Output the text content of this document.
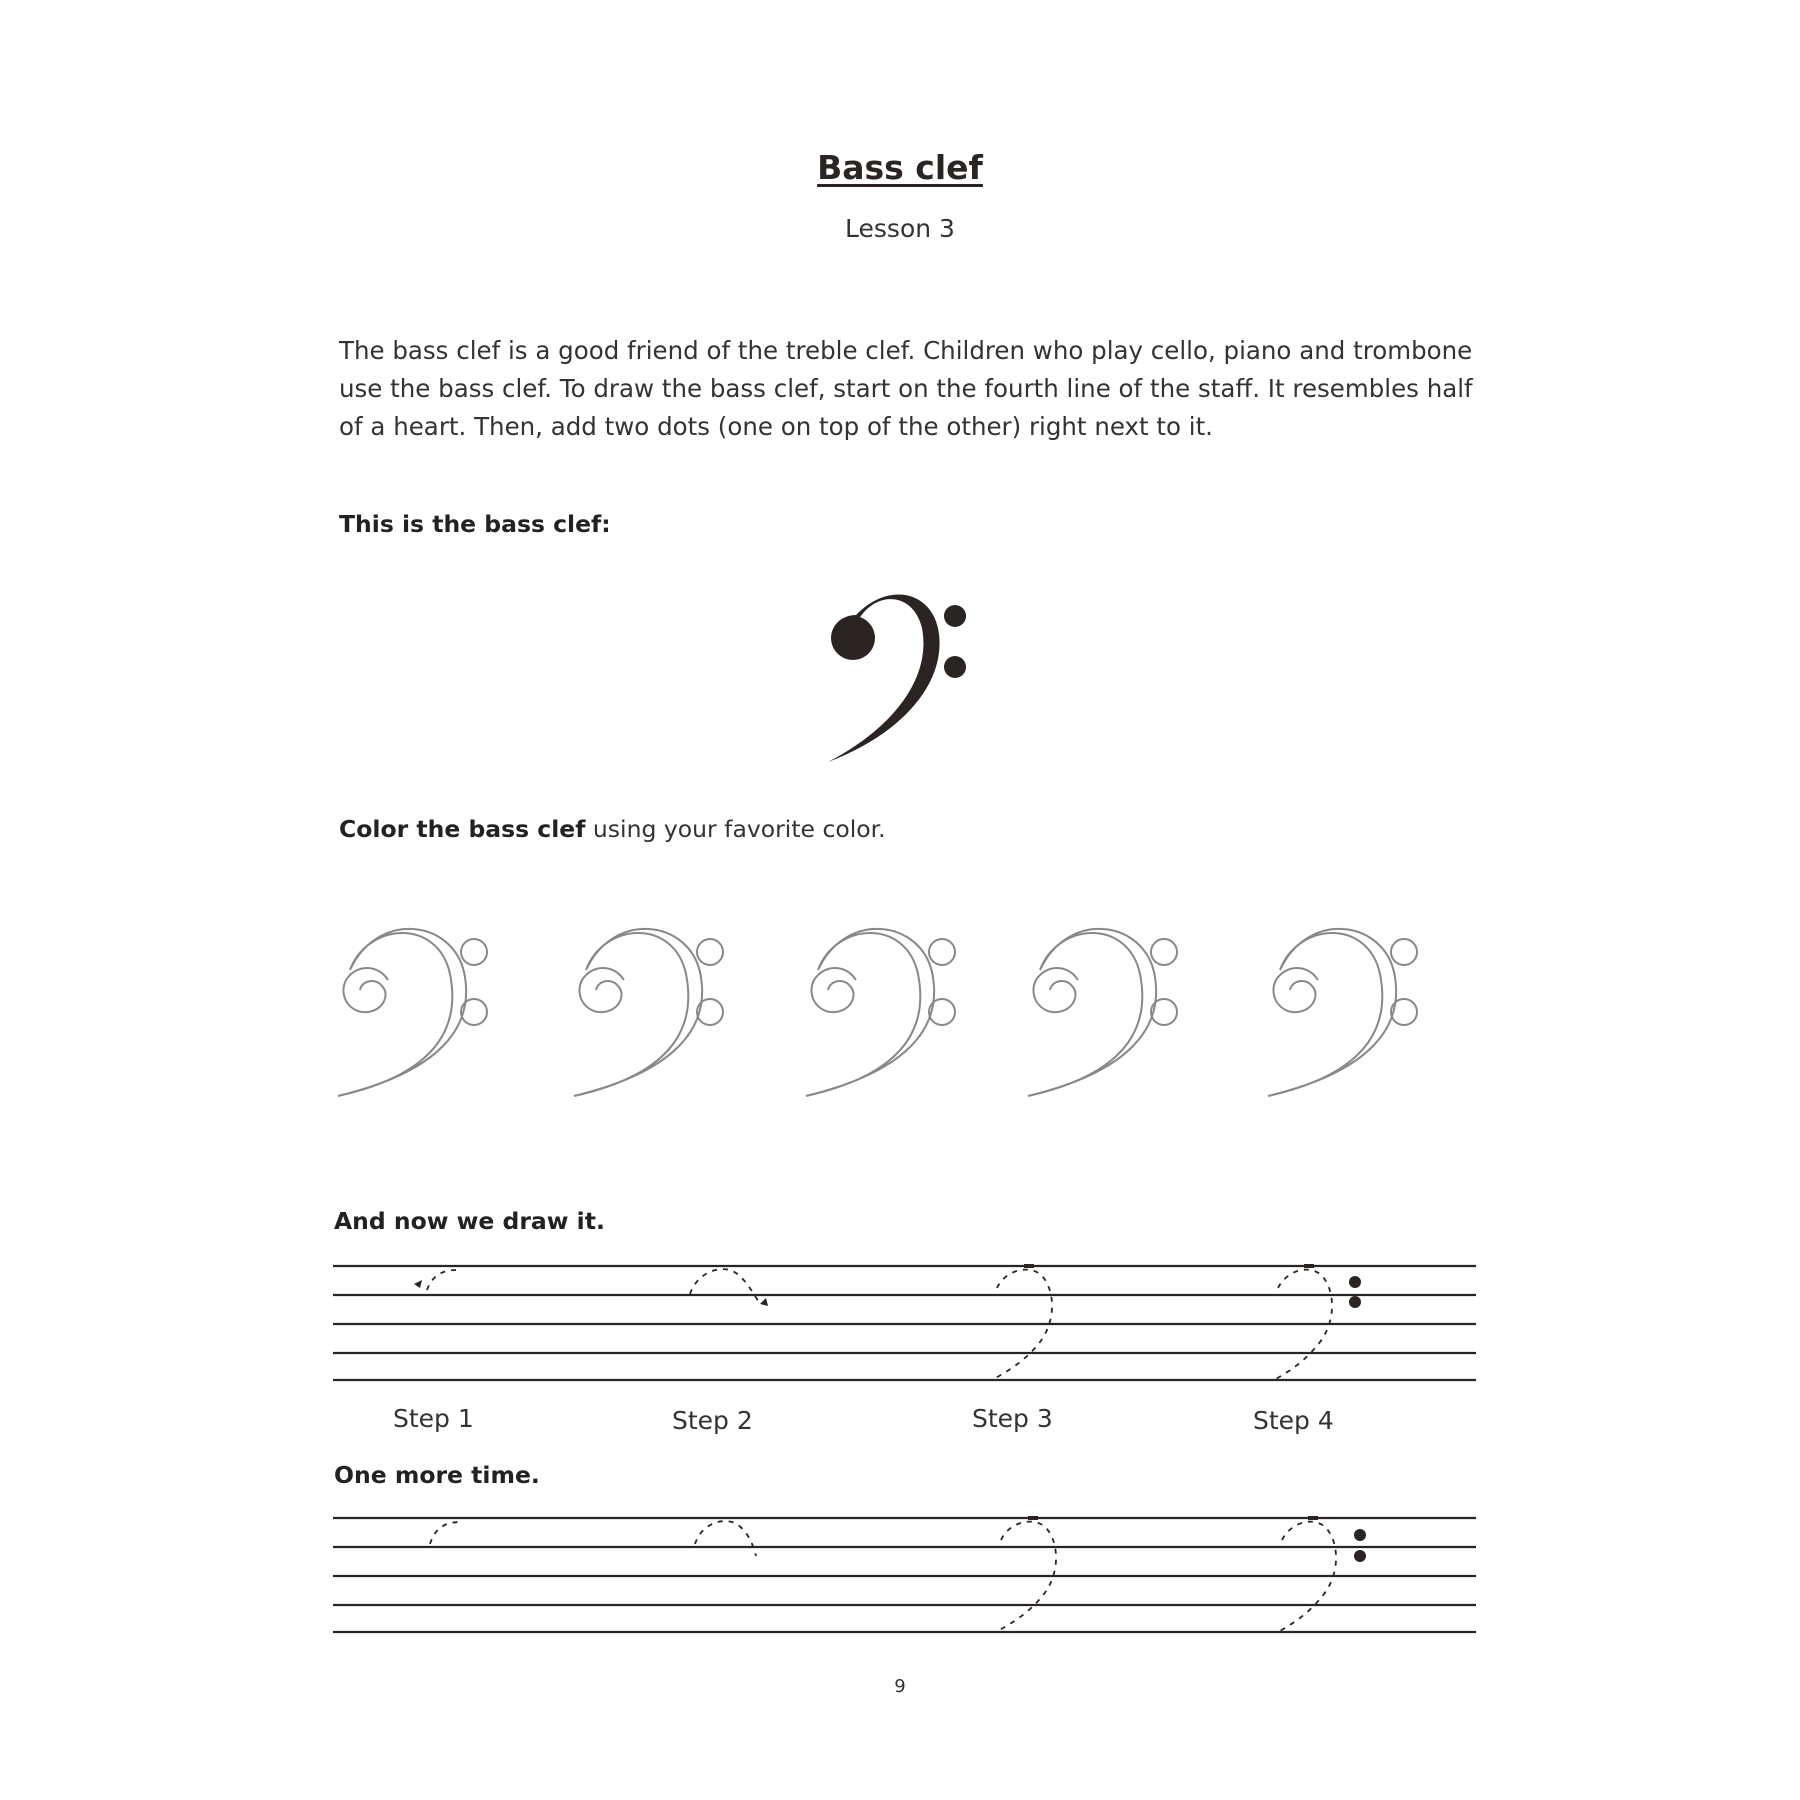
Bass clef
Lesson 3
The bass clef is a good friend of the treble clef. Children who play cello, piano and trombone use the bass clef. To draw the bass clef, start on the fourth line of the staff. It resembles half of a heart. Then, add two dots (one on top of the other) right next to it.
This is the bass clef:
Color the bass clef using your favorite color.
And now we draw it.
Step 1	Step 2	Step 3	Step 4
One more time.
9
